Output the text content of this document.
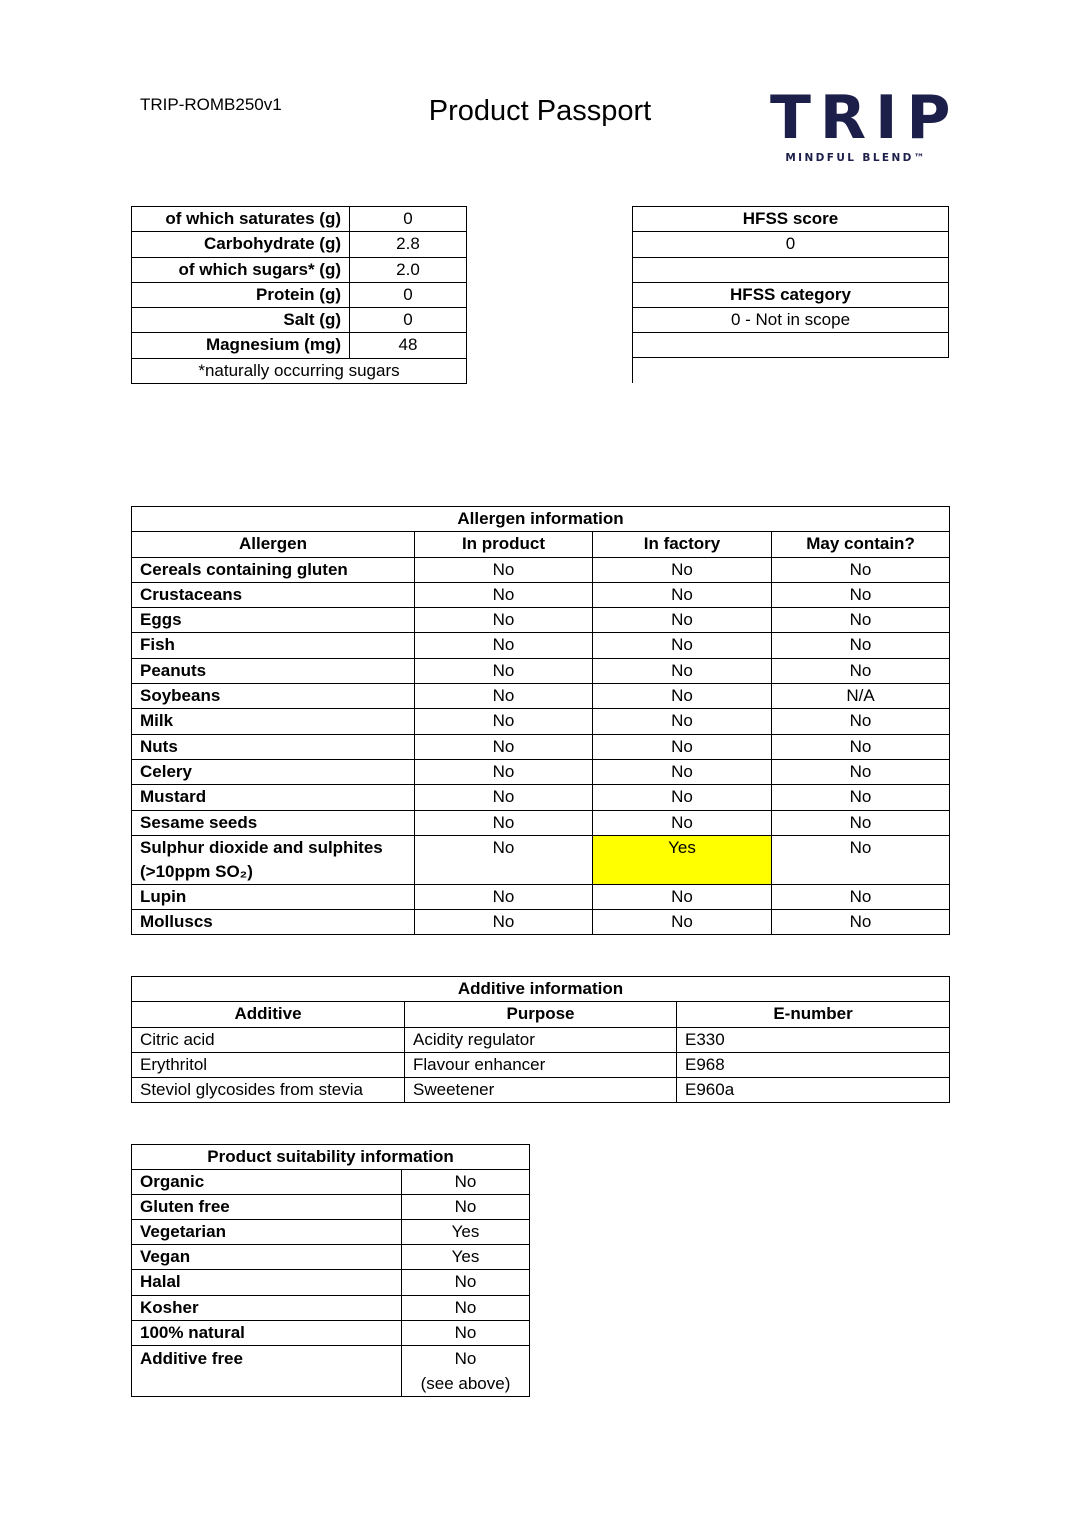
TRIP-ROMB250v1	Product Passport	TRIP
MINDFUL BLEND™
of which saturates (g)	0
Carbohydrate (g)	2.8
of which sugars* (g)	2.0
Protein (g)	0
Salt (g)	0
Magnesium (mg)	48
*naturally occurring sugars	
HFSS score
0
HFSS category
0 - Not in scope
Allergen information			
Allergen	In product	In factory	May contain?

Cereals containing gluten	No	No	No

Crustaceans	No	No	No

Eggs	No	No	No

Fish	No	No	No

Peanuts	No	No	No

Soybeans	No	No	N/A

Milk	No	No	No

Nuts	No	No	No

Celery	No	No	No

Mustard	No	No	No

Sesame seeds	No	No	No

Sulphur dioxide and sulphites
(>10ppm SO₂)	No	Yes	No

Lupin	No	No	No

Molluscs	No	No	No
Additive information		
Additive	Purpose	E-number
Citric acid	Acidity regulator	E330
Erythritol	Flavour enhancer	E968
Steviol glycosides from stevia	Sweetener	E960a
Product suitability information	
Organic	No

Gluten free	No

Vegetarian	Yes

Vegan	Yes

Halal	No

Kosher	No

100% natural	No

Additive free	No
(see above)
